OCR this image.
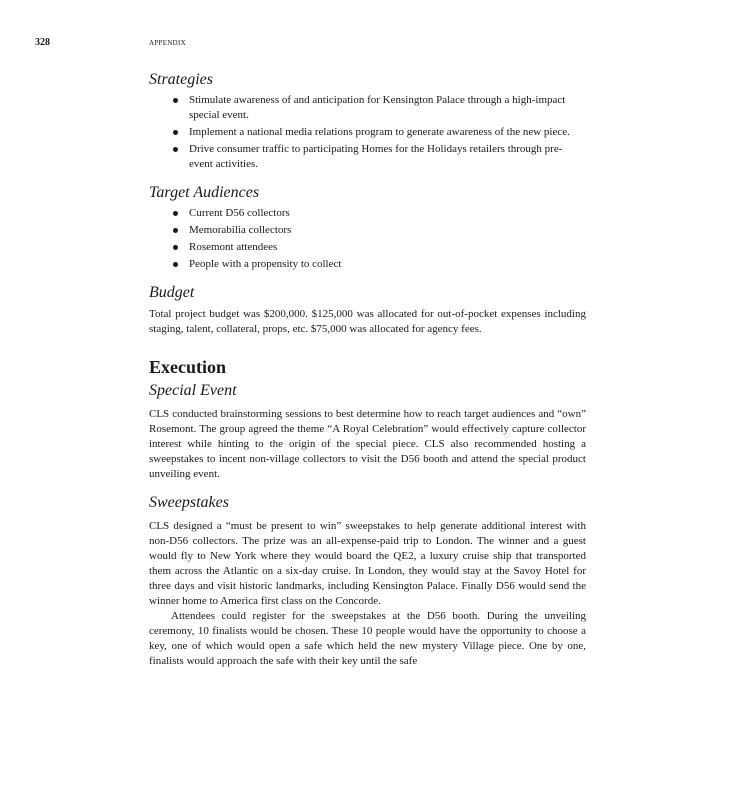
328	APPENDIX
Strategies
Stimulate awareness of and anticipation for Kensington Palace through a high-impact special event.
Implement a national media relations program to generate awareness of the new piece.
Drive consumer traffic to participating Homes for the Holidays retailers through pre-event activities.
Target Audiences
Current D56 collectors
Memorabilia collectors
Rosemont attendees
People with a propensity to collect
Budget

Total project budget was $200,000. $125,000 was allocated for out-of-pocket expenses including staging, talent, collateral, props, etc. $75,000 was allocated for agency fees.

Execution
Special Event

CLS conducted brainstorming sessions to best determine how to reach target audiences and “own” Rosemont. The group agreed the theme “A Royal Celebration” would effectively capture collector interest while hinting to the origin of the special piece. CLS also recommended hosting a sweepstakes to incent non-village collectors to visit the D56 booth and attend the special product unveiling event.

Sweepstakes

CLS designed a “must be present to win” sweepstakes to help generate additional interest with non-D56 collectors. The prize was an all-expense-paid trip to London. The winner and a guest would fly to New York where they would board the QE2, a luxury cruise ship that transported them across the Atlantic on a six-day cruise. In London, they would stay at the Savoy Hotel for three days and visit historic landmarks, including Kensington Palace. Finally D56 would send the winner home to America first class on the Concorde.

Attendees could register for the sweepstakes at the D56 booth. During the unveiling ceremony, 10 finalists would be chosen. These 10 people would have the opportunity to choose a key, one of which would open a safe which held the new mystery Village piece. One by one, finalists would approach the safe with their key until the safe
